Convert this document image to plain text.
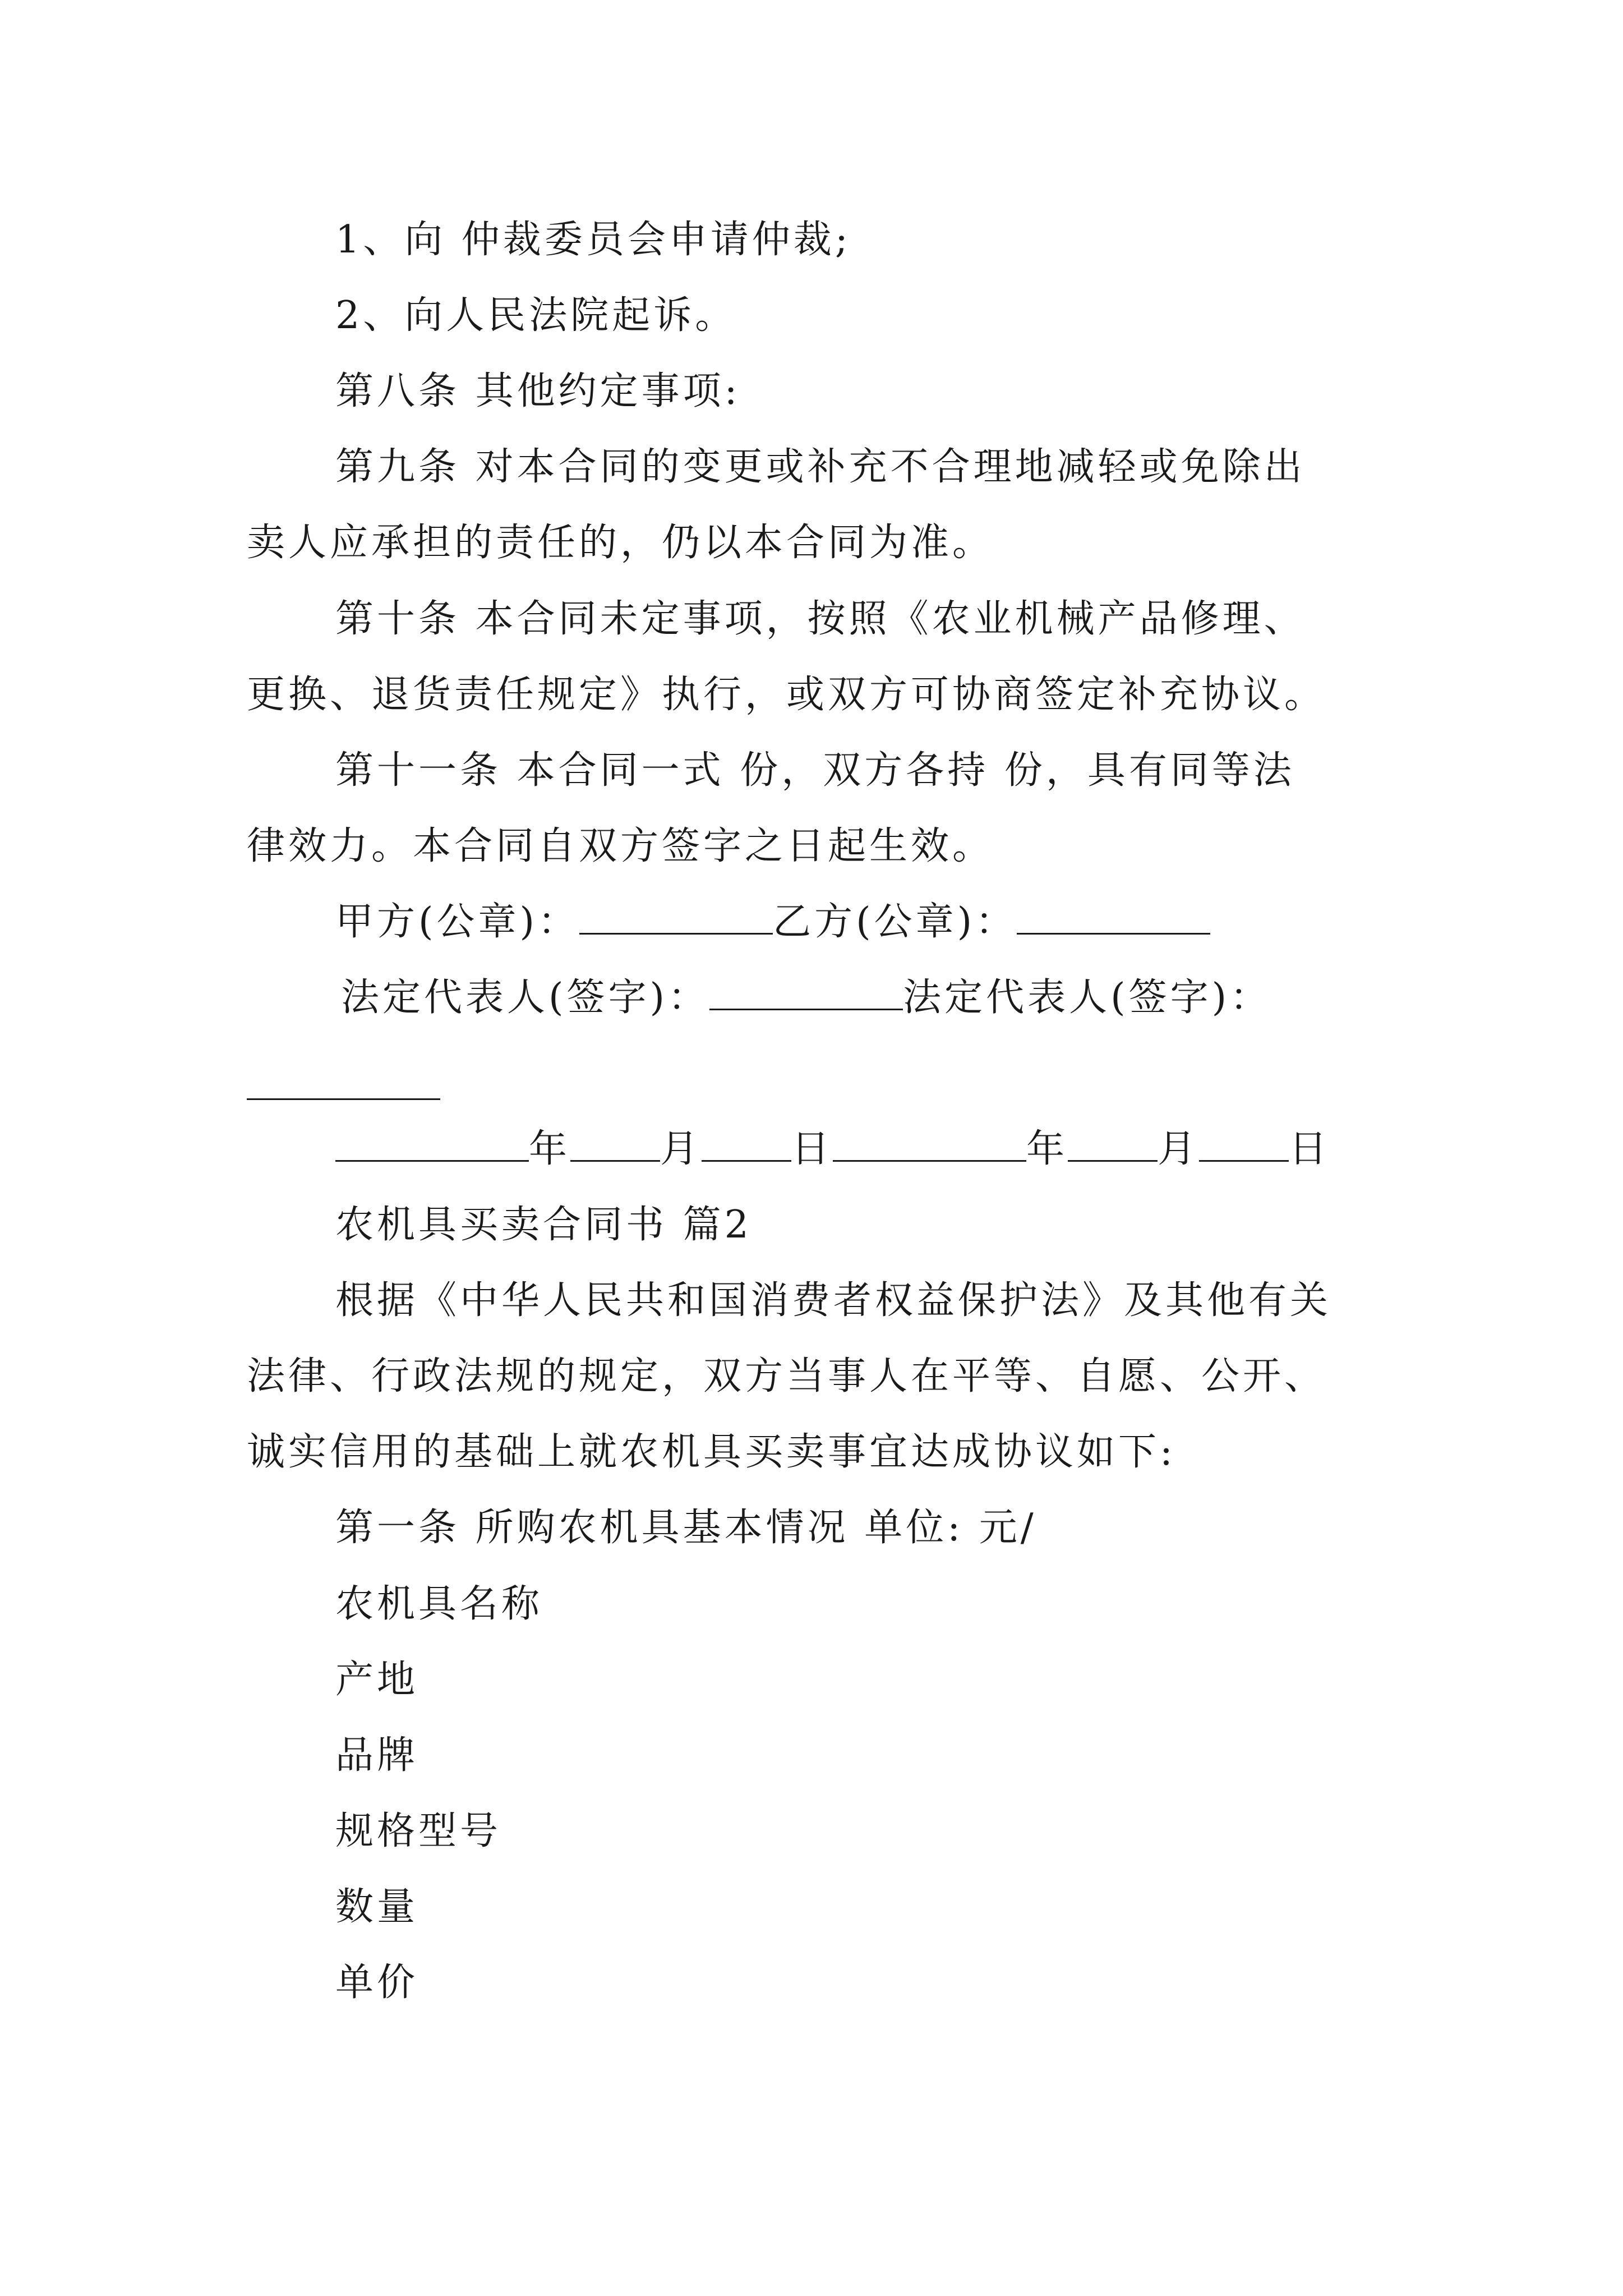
1、向 仲裁委员会申请仲裁;
2、向人民法院起诉。
第八条 其他约定事项:
第九条 对本合同的变更或补充不合理地减轻或免除出
卖人应承担的责任的，仍以本合同为准。
第十条 本合同未定事项，按照《农业机械产品修理、
更换、退货责任规定》执行，或双方可协商签定补充协议。
第十一条 本合同一式 份，双方各持 份，具有同等法
律效力。本合同自双方签字之日起生效。
甲方(公章)：	乙方(公章)：
法定代表人(签字)：	法定代表人(签字)：
年 月 日	年 月 日
农机具买卖合同书 篇2
根据《中华人民共和国消费者权益保护法》及其他有关
法律、行政法规的规定，双方当事人在平等、自愿、公开、
诚实信用的基础上就农机具买卖事宜达成协议如下:
第一条 所购农机具基本情况 单位: 元/
农机具名称
产地
品牌
规格型号
数量
单价
